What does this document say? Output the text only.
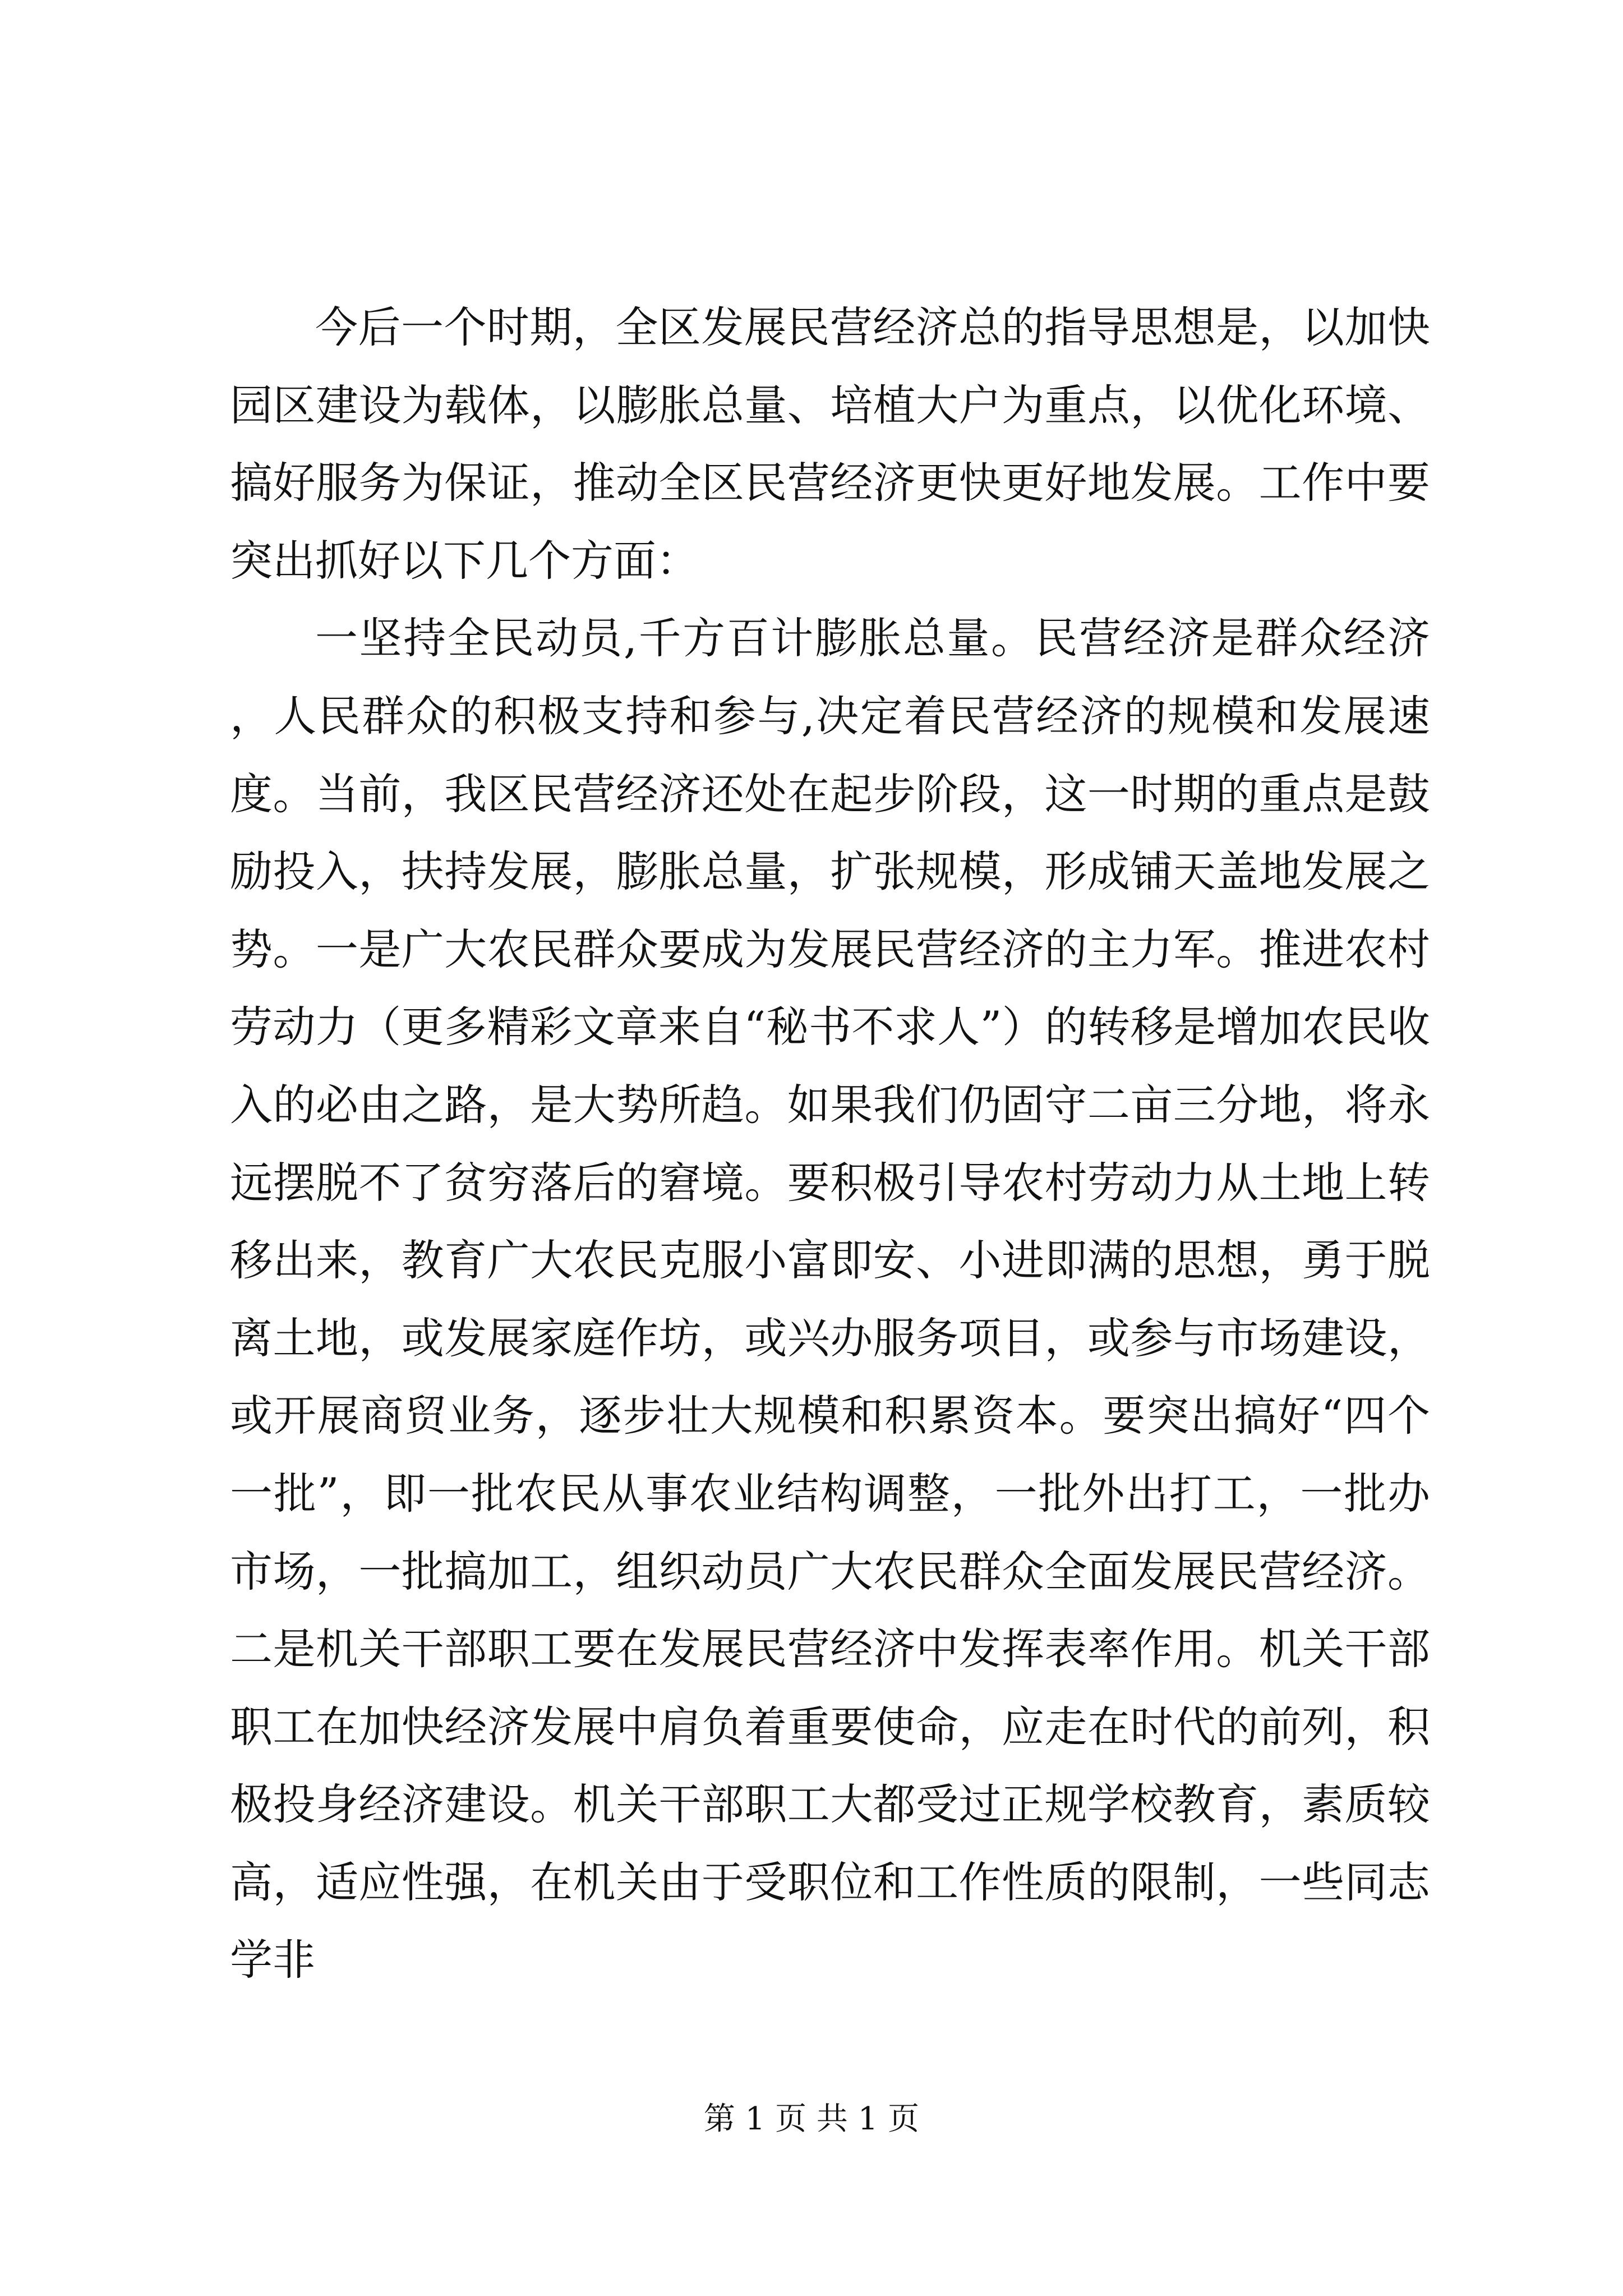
今后一个时期，全区发展民营经济总的指导思想是，以加快园区建设为载体，以膨胀总量、培植大户为重点，以优化环境、搞好服务为保证，推动全区民营经济更快更好地发展。工作中要突出抓好以下几个方面：

一坚持全民动员,千方百计膨胀总量。民营经济是群众经济，人民群众的积极支持和参与,决定着民营经济的规模和发展速度。当前，我区民营经济还处在起步阶段，这一时期的重点是鼓励投入，扶持发展，膨胀总量，扩张规模，形成铺天盖地发展之势。一是广大农民群众要成为发展民营经济的主力军。推进农村劳动力（更多精彩文章来自“秘书不求人”）的转移是增加农民收入的必由之路，是大势所趋。如果我们仍固守二亩三分地，将永远摆脱不了贫穷落后的窘境。要积极引导农村劳动力从土地上转移出来，教育广大农民克服小富即安、小进即满的思想，勇于脱离土地，或发展家庭作坊，或兴办服务项目，或参与市场建设，或开展商贸业务，逐步壮大规模和积累资本。要突出搞好“四个一批”，即一批农民从事农业结构调整，一批外出打工，一批办市场，一批搞加工，组织动员广大农民群众全面发展民营经济。二是机关干部职工要在发展民营经济中发挥表率作用。机关干部职工在加快经济发展中肩负着重要使命，应走在时代的前列，积极投身经济建设。机关干部职工大都受过正规学校教育，素质较高，适应性强，在机关由于受职位和工作性质的限制，一些同志学非

第 1 页 共 1 页
